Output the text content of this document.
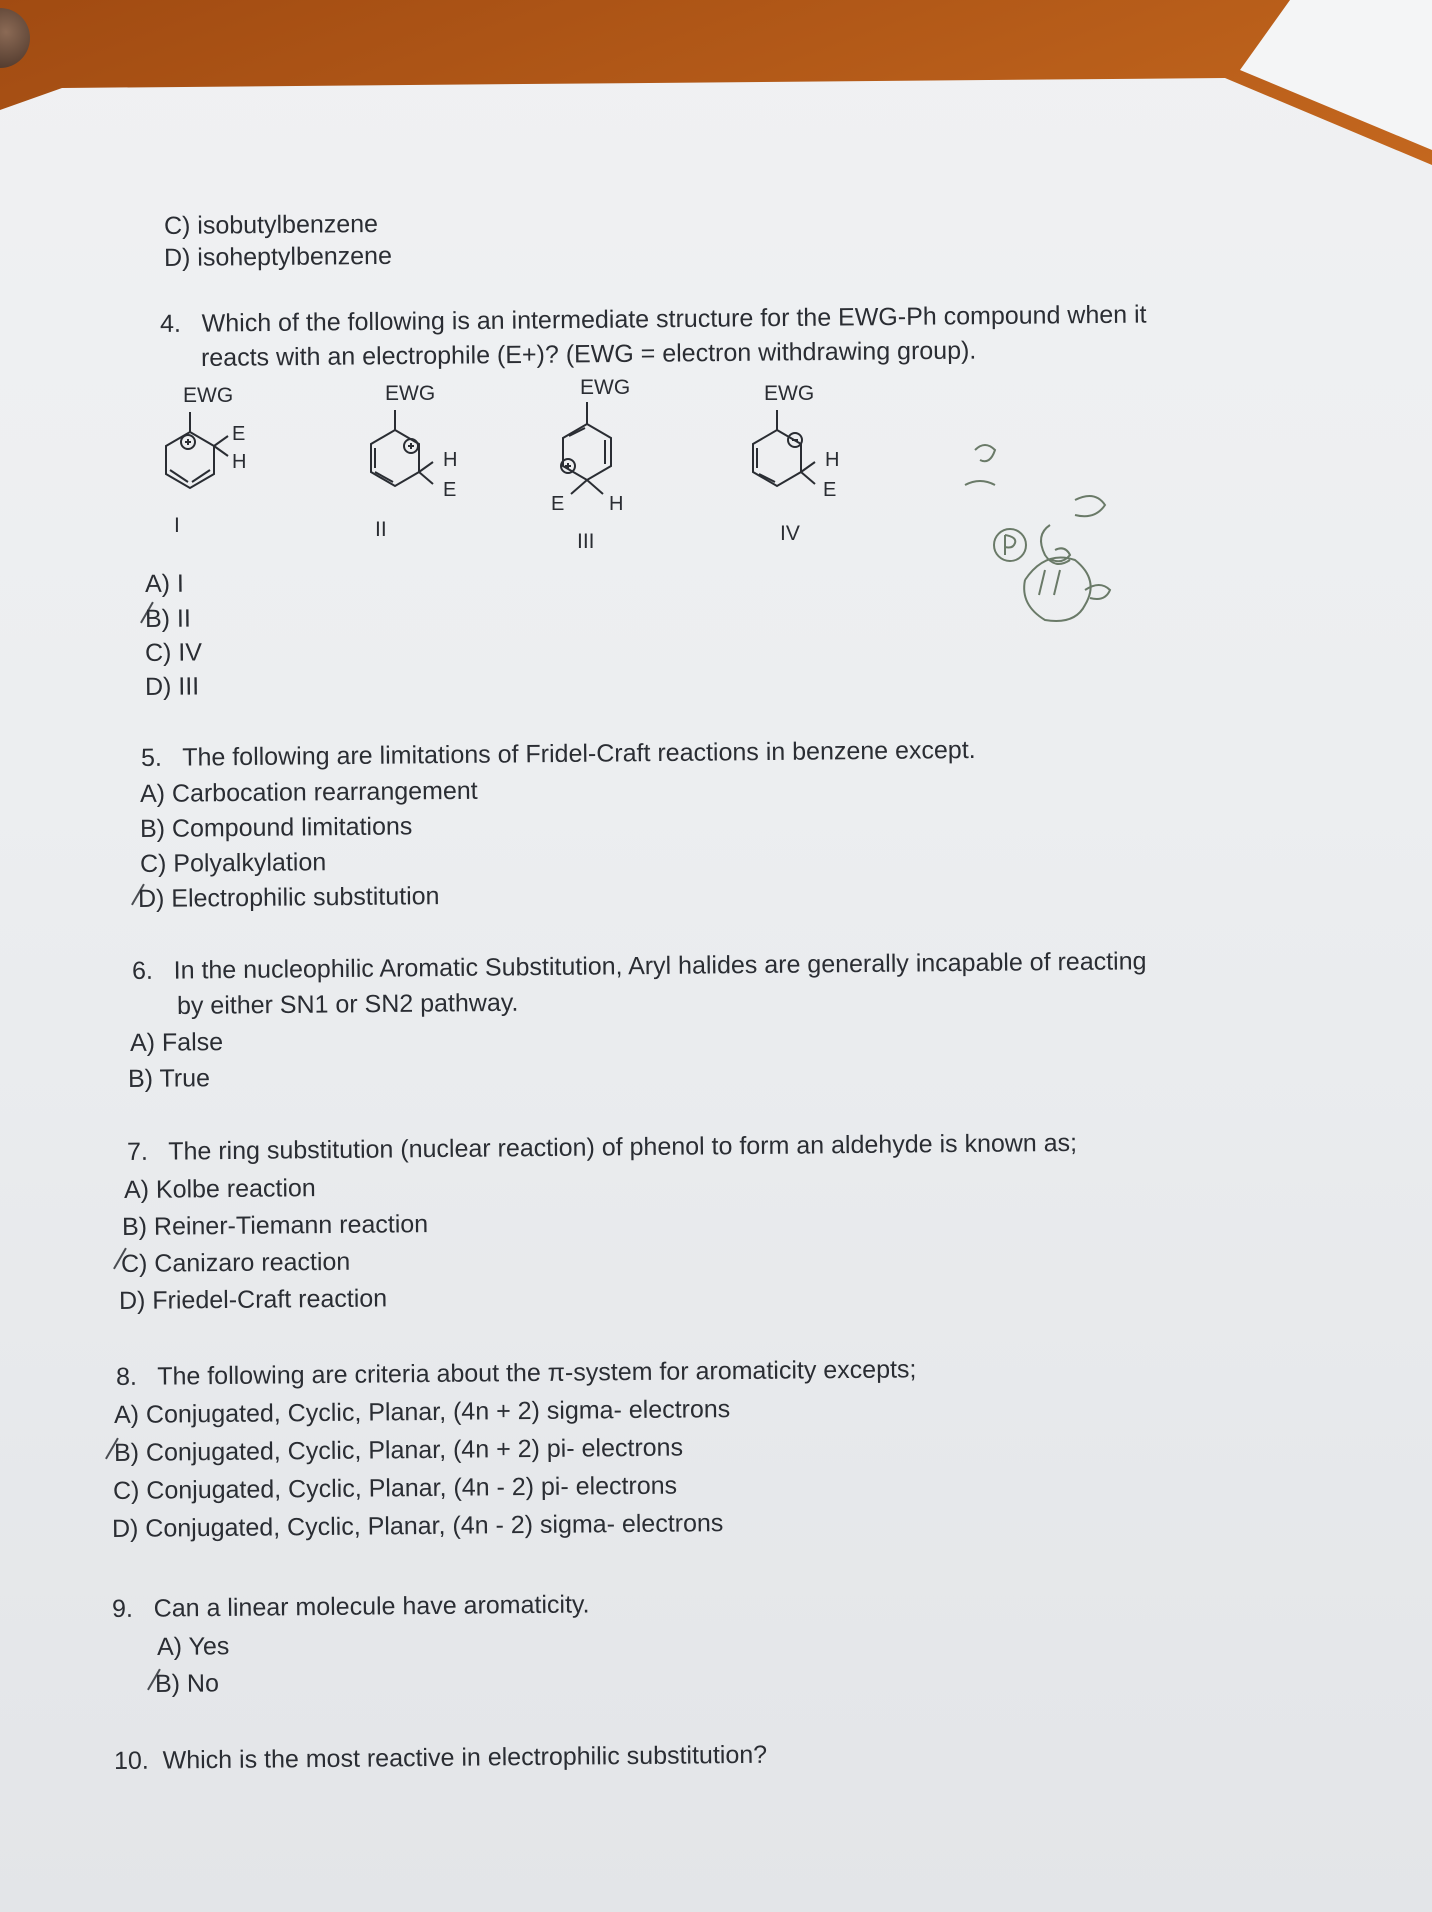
C) isobutylbenzene
D) isoheptylbenzene
4. Which of the following is an intermediate structure for the EWG-Ph compound when it
reacts with an electrophile (E+)? (EWG = electron withdrawing group).
EWG
E
H
I
EWG
H
E
II
EWG
E H
III
EWG
H
E
IV
A) I
B) II
C) IV
D) III
5. The following are limitations of Fridel-Craft reactions in benzene except.
A) Carbocation rearrangement
B) Compound limitations
C) Polyalkylation
D) Electrophilic substitution
6. In the nucleophilic Aromatic Substitution, Aryl halides are generally incapable of reacting
by either SN1 or SN2 pathway.
A) False
B) True
7. The ring substitution (nuclear reaction) of phenol to form an aldehyde is known as;
A) Kolbe reaction
B) Reiner-Tiemann reaction
C) Canizaro reaction
D) Friedel-Craft reaction
8. The following are criteria about the π-system for aromaticity excepts;
A) Conjugated, Cyclic, Planar, (4n + 2) sigma- electrons
B) Conjugated, Cyclic, Planar, (4n + 2) pi- electrons
C) Conjugated, Cyclic, Planar, (4n - 2) pi- electrons
D) Conjugated, Cyclic, Planar, (4n - 2) sigma- electrons
9. Can a linear molecule have aromaticity.
A) Yes
B) No
10. Which is the most reactive in electrophilic substitution?
